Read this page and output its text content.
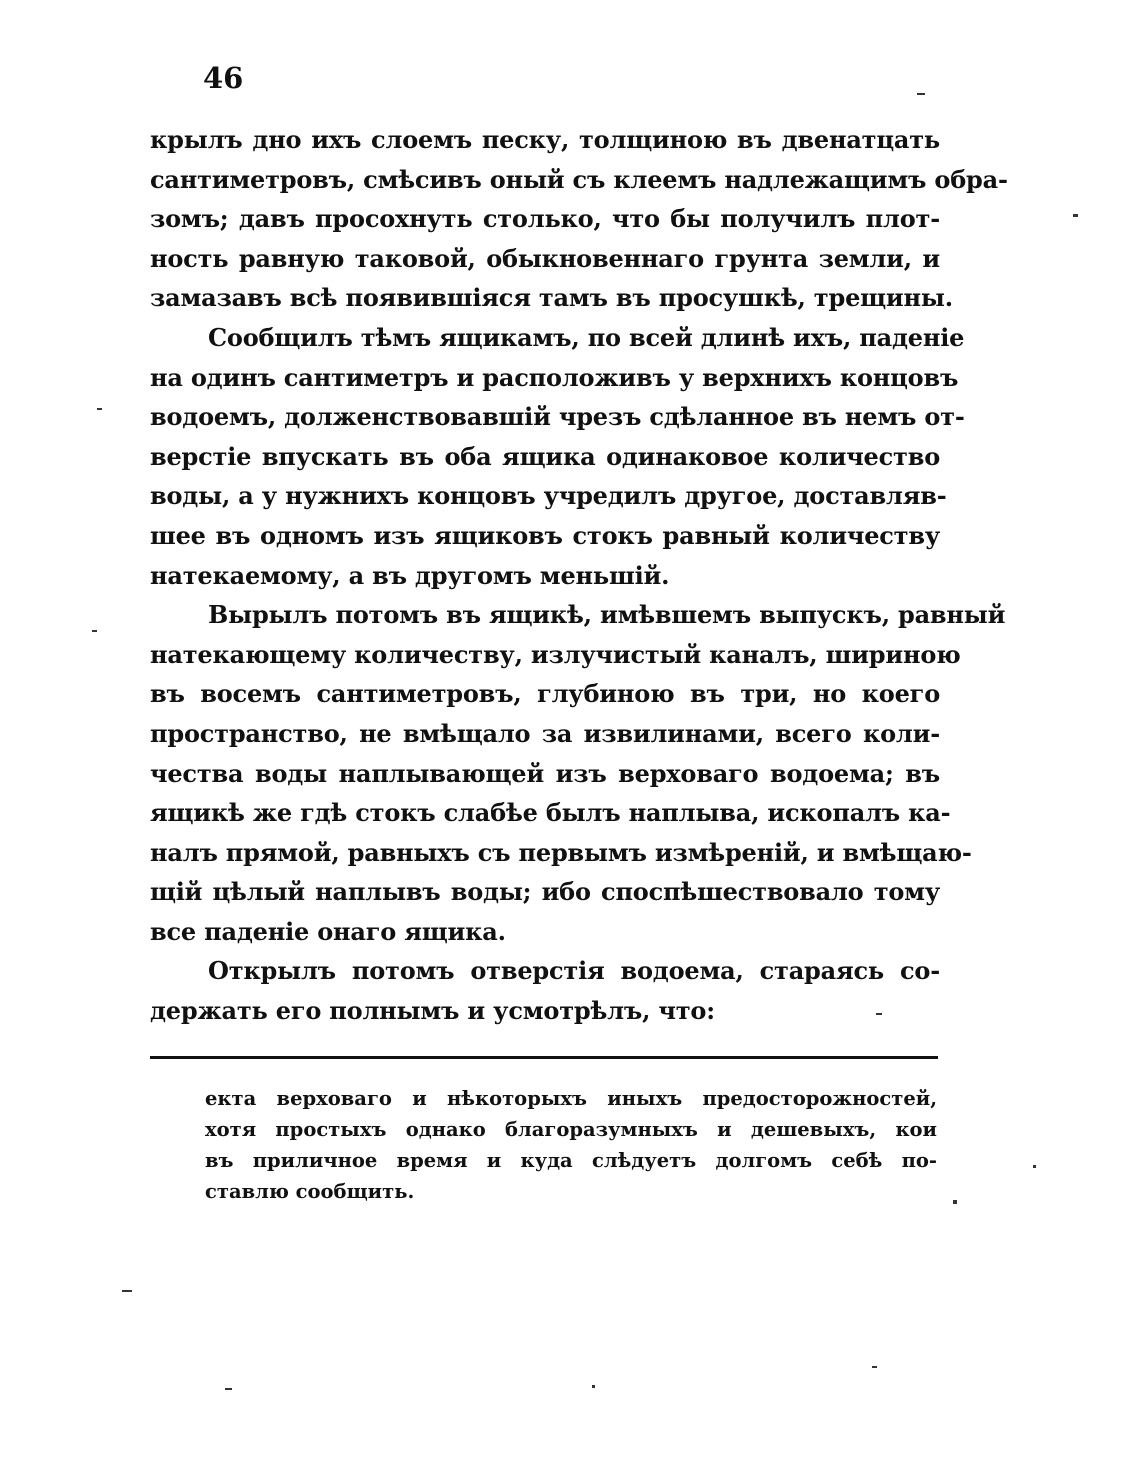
46
крылъ дно ихъ слоемъ песку, толщиною въ двенатцать
сантиметровъ, смѣсивъ оный съ клеемъ надлежащимъ обра-
зомъ; давъ просохнуть столько, что бы получилъ плот-
ность равную таковой, обыкновеннаго грунта земли, и
замазавъ всѣ появившіяся тамъ въ просушкѣ, трещины.
Сообщилъ тѣмъ ящикамъ, по всей длинѣ ихъ, паденіе
на одинъ сантиметръ и расположивъ у верхнихъ концовъ
водоемъ, долженствовавшій чрезъ сдѣланное въ немъ от-
верстіе впускать въ оба ящика одинаковое количество
воды, а у нужнихъ концовъ учредилъ другое, доставляв-
шее въ одномъ изъ ящиковъ стокъ равный количеству
натекаемому, а въ другомъ меньшій.
Вырылъ потомъ въ ящикѣ, имѣвшемъ выпускъ, равный
натекающему количеству, излучистый каналъ, шириною
въ восемъ сантиметровъ, глубиною въ три, но коего
пространство, не вмѣщало за извилинами, всего коли-
чества воды наплывающей изъ верховаго водоема; въ
ящикѣ же гдѣ стокъ слабѣе былъ наплыва, ископалъ ка-
налъ прямой, равныхъ съ первымъ измѣреній, и вмѣщаю-
щій цѣлый наплывъ воды; ибо споспѣшествовало тому
все паденіе онаго ящика.
Открылъ потомъ отверстія водоема, стараясь со-
держать его полнымъ и усмотрѣлъ, что:
екта верховаго и нѣкоторыхъ иныхъ предосторожностей,
хотя простыхъ однако благоразумныхъ и дешевыхъ, кои
въ приличное время и куда слѣдуетъ долгомъ себѣ по-
ставлю сообщить.
